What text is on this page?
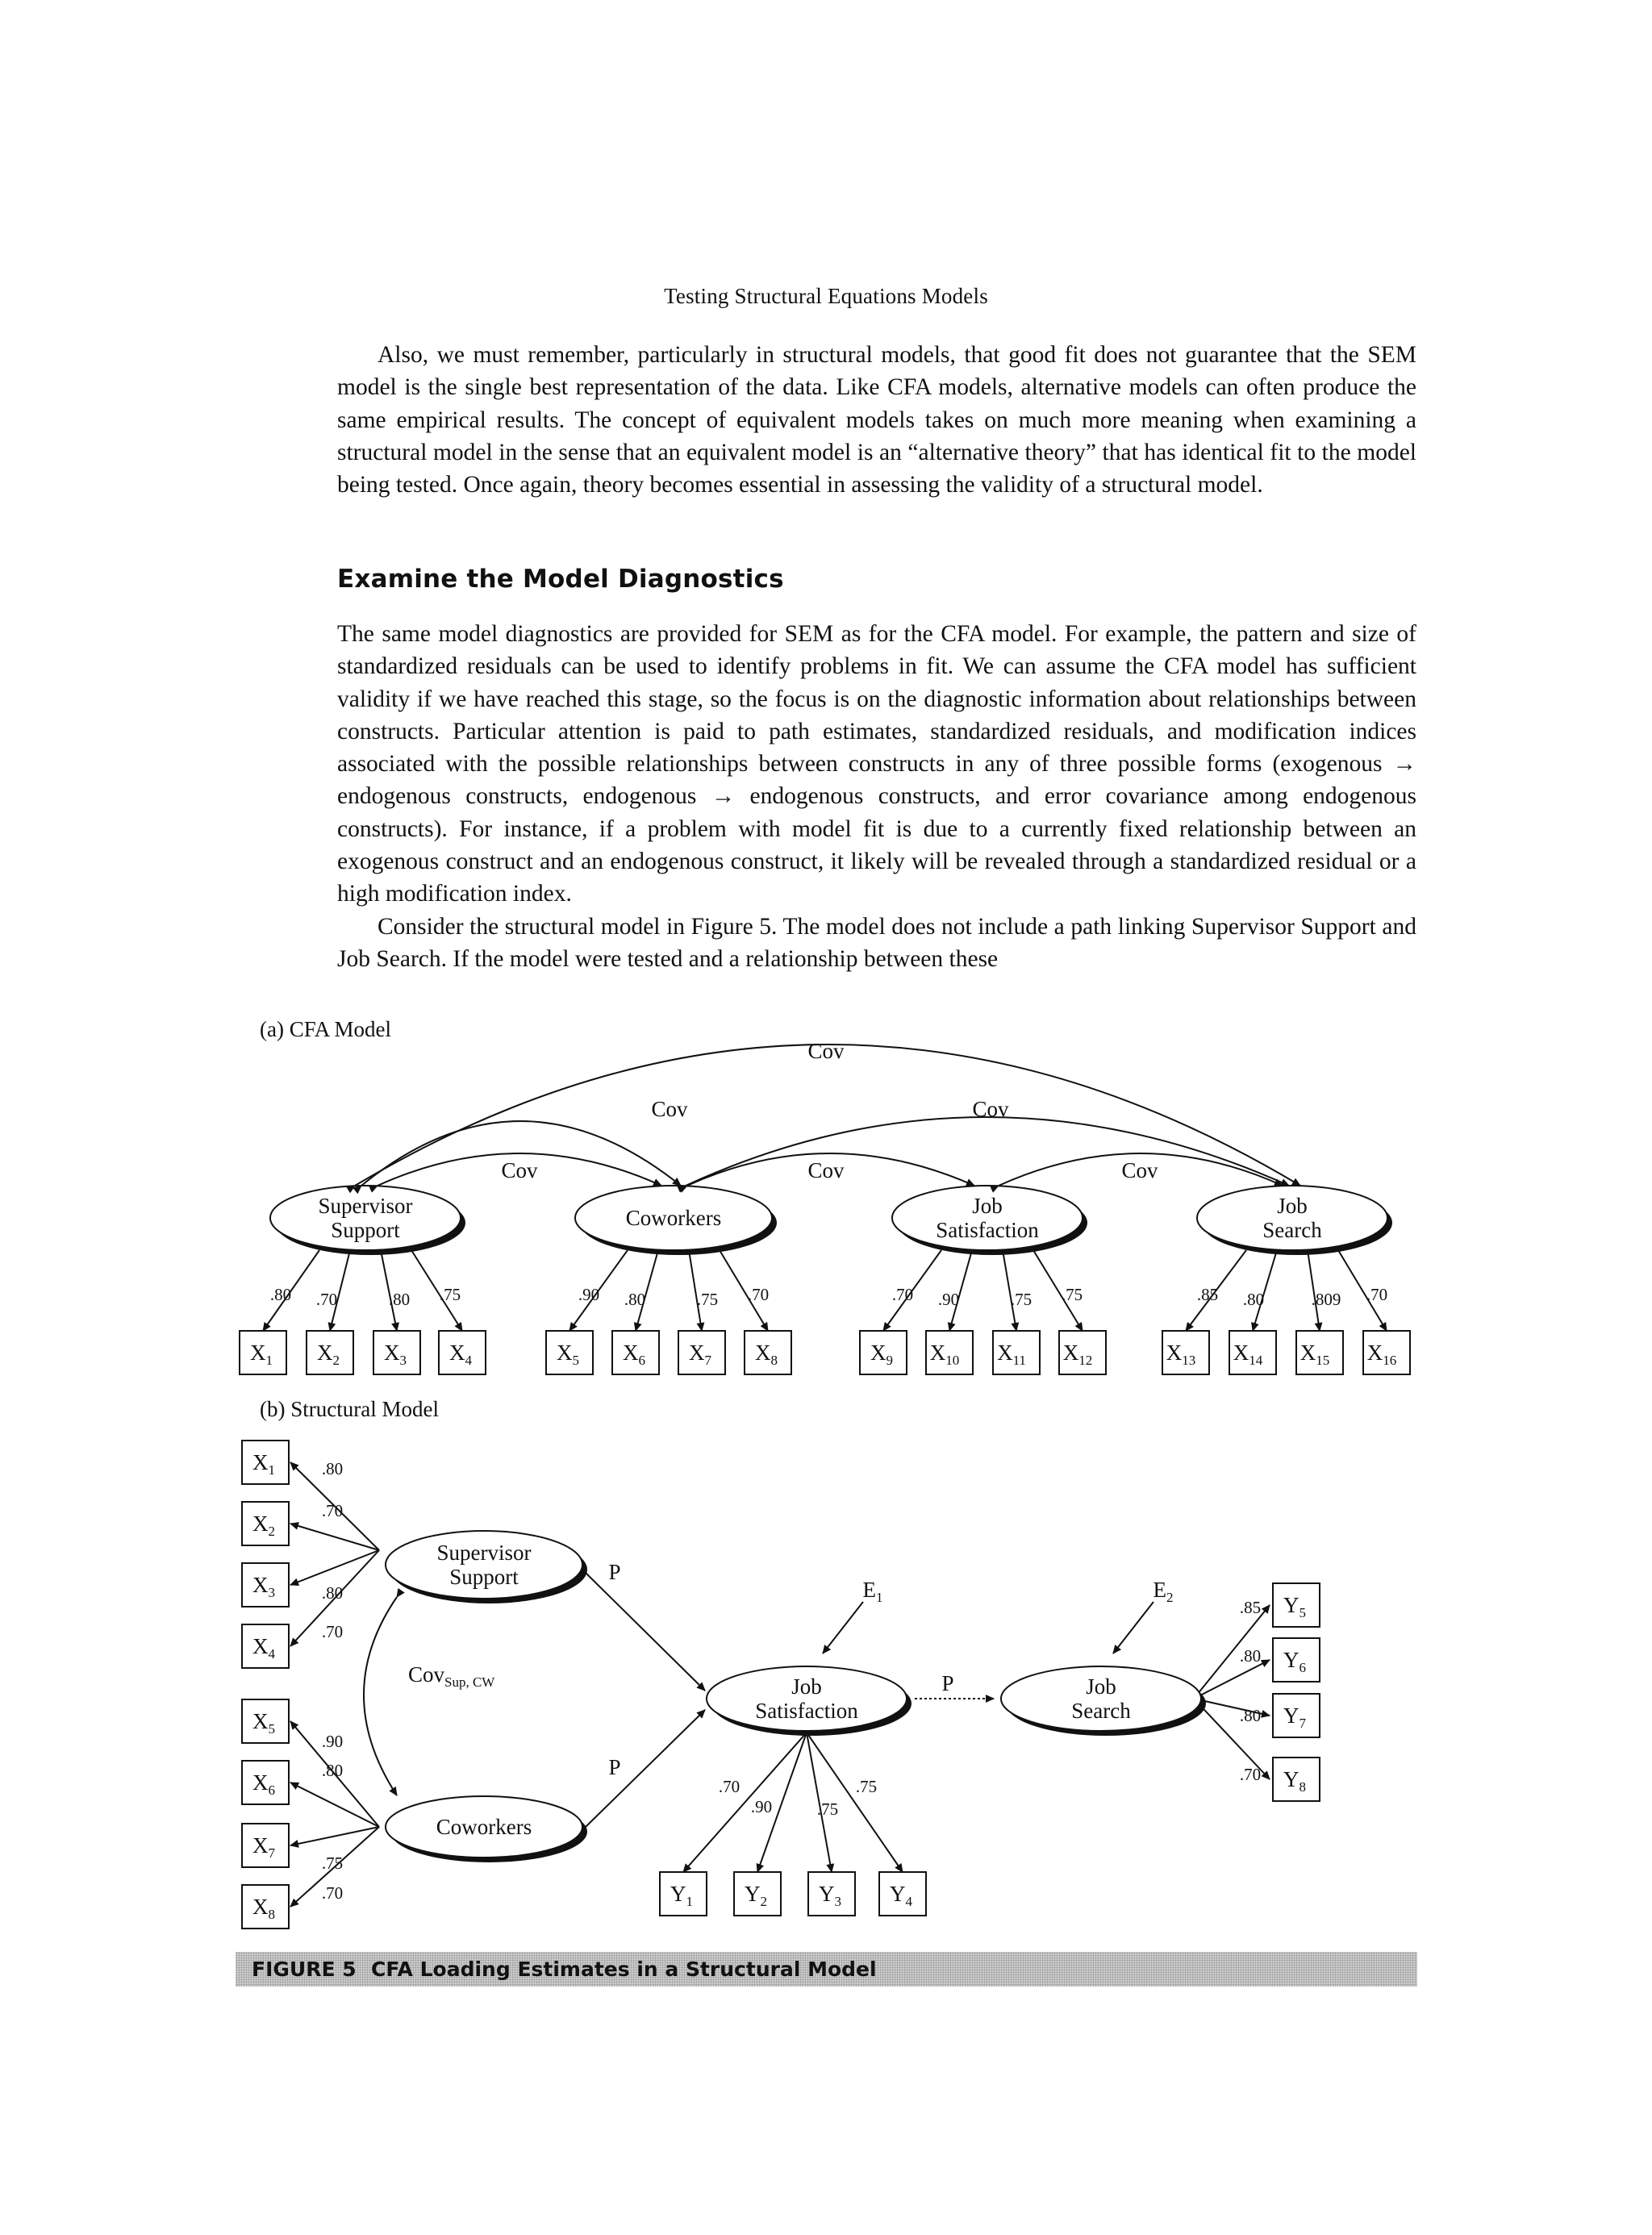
Testing Structural Equations Models

Also, we must remember, particularly in structural models, that good fit does not guarantee that the SEM model is the single best representation of the data. Like CFA models, alternative models can often produce the same empirical results. The concept of equivalent models takes on much more meaning when examining a structural model in the sense that an equivalent model is an “alternative theory” that has identical fit to the model being tested. Once again, theory becomes essential in assessing the validity of a structural model.

Examine the Model Diagnostics

The same model diagnostics are provided for SEM as for the CFA model. For example, the pattern and size of standardized residuals can be used to identify problems in fit. We can assume the CFA model has sufficient validity if we have reached this stage, so the focus is on the diagnostic information about relationships between constructs. Particular attention is paid to path estimates, standardized residuals, and modification indices associated with the possible relationships between constructs in any of three possible forms (exogenous → endogenous constructs, endogenous → endogenous constructs, and error covariance among endogenous constructs). For instance, if a problem with model fit is due to a currently fixed relationship between an exogenous construct and an endogenous construct, it likely will be revealed through a standardized residual or a high modification index.

Consider the structural model in Figure 5. The model does not include a path linking Supervisor Support and Job Search. If the model were tested and a relationship between these

(a) CFA Model
$X_1$ $X_2$ $X_3$ $X_4$
.80 .70	.80 .75
Supervisor
Support
$X_5$ $X_6$ $X_7$ $X_8$
.90 .80	.75 .70
Coworkers
$X_9$ $X_{10}$ $X_{11}$ $X_{12}$
.70 .90	.75 .75
Job
Satisfaction
$X_{13}$ $X_{14}$ $X_{15}$ $X_{16}$
.85 .80	.809 .70
Job
Search
Cov	Cov	Cov
Cov	Cov
Cov
(b) Structural Model
$X_1$	.80
$X_2$
.70
$X_3$	.80
$X_4$
.70
$X_5$
.90
$X_6$
.80
$X_7$
.75
$X_8$
.70
Supervisor
Support
Coworkers
Cov$_{Sup, CW}$
P
P
P
$Y_1$
.70
$Y_2$
.90
$Y_3$
.75
$Y_4$
.75
Job
Satisfaction
$Y_5$
.85
$Y_6$
.80
$Y_7$
.80
$Y_8$
.70
Job
Search
$E_1$	$E_2$
FIGURE 5 CFA Loading Estimates in a Structural Model
